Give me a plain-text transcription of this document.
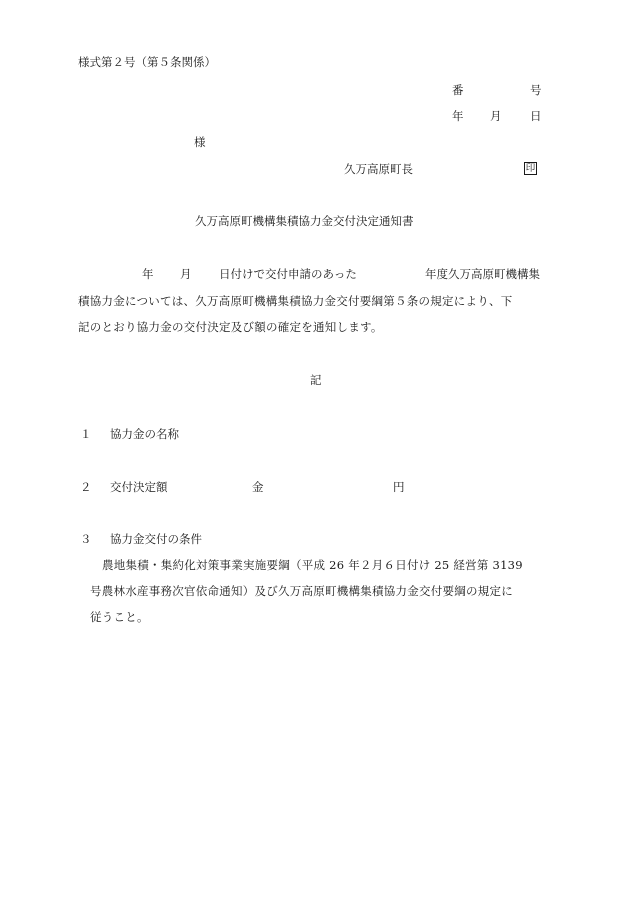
様式第２号（第５条関係）
番	号
年 月 日
様
久万高原町長	印
久万高原町機構集積協力金交付決定通知書
年 月 日付けで交付申請のあった	年度久万高原町機構集
積協力金については、久万高原町機構集積協力金交付要綱第５条の規定により、下
記のとおり協力金の交付決定及び額の確定を通知します。
記
１ 協力金の名称
２ 交付決定額	金	円
３ 協力金交付の条件
農地集積・集約化対策事業実施要綱（平成 26 年２月６日付け 25 経営第 3139
号農林水産事務次官依命通知）及び久万高原町機構集積協力金交付要綱の規定に
従うこと。
